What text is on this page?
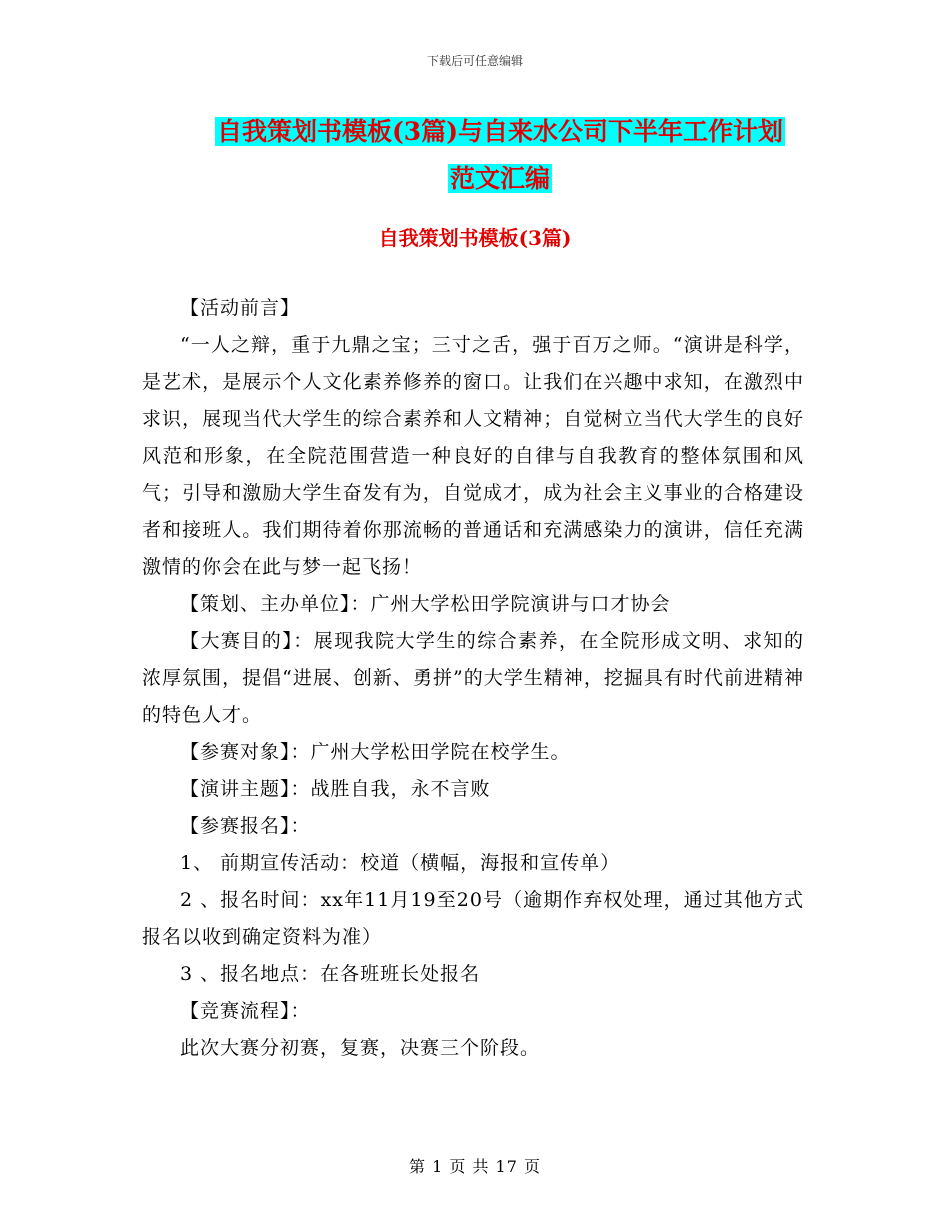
下载后可任意编辑
自我策划书模板(3篇)与自来水公司下半年工作计划
范文汇编
自我策划书模板(3篇)

【活动前言】

“一人之辩，重于九鼎之宝；三寸之舌，强于百万之师。“演讲是科学，是艺术，是展示个人文化素养修养的窗口。让我们在兴趣中求知，在激烈中求识，展现当代大学生的综合素养和人文精神；自觉树立当代大学生的良好风范和形象，在全院范围营造一种良好的自律与自我教育的整体氛围和风气；引导和激励大学生奋发有为，自觉成才，成为社会主义事业的合格建设者和接班人。我们期待着你那流畅的普通话和充满感染力的演讲，信任充满激情的你会在此与梦一起飞扬！

【策划、主办单位】：广州大学松田学院演讲与口才协会

【大赛目的】：展现我院大学生的综合素养，在全院形成文明、求知的浓厚氛围，提倡“进展、创新、勇拼”的大学生精神，挖掘具有时代前进精神的特色人才。

【参赛对象】：广州大学松田学院在校学生。

【演讲主题】：战胜自我，永不言败

【参赛报名】：

1、 前期宣传活动：校道（横幅，海报和宣传单）

2 、报名时间：xx年11月19至20号（逾期作弃权处理，通过其他方式报名以收到确定资料为准）

3 、报名地点：在各班班长处报名

【竞赛流程】：

此次大赛分初赛，复赛，决赛三个阶段。

第 1 页 共 17 页
